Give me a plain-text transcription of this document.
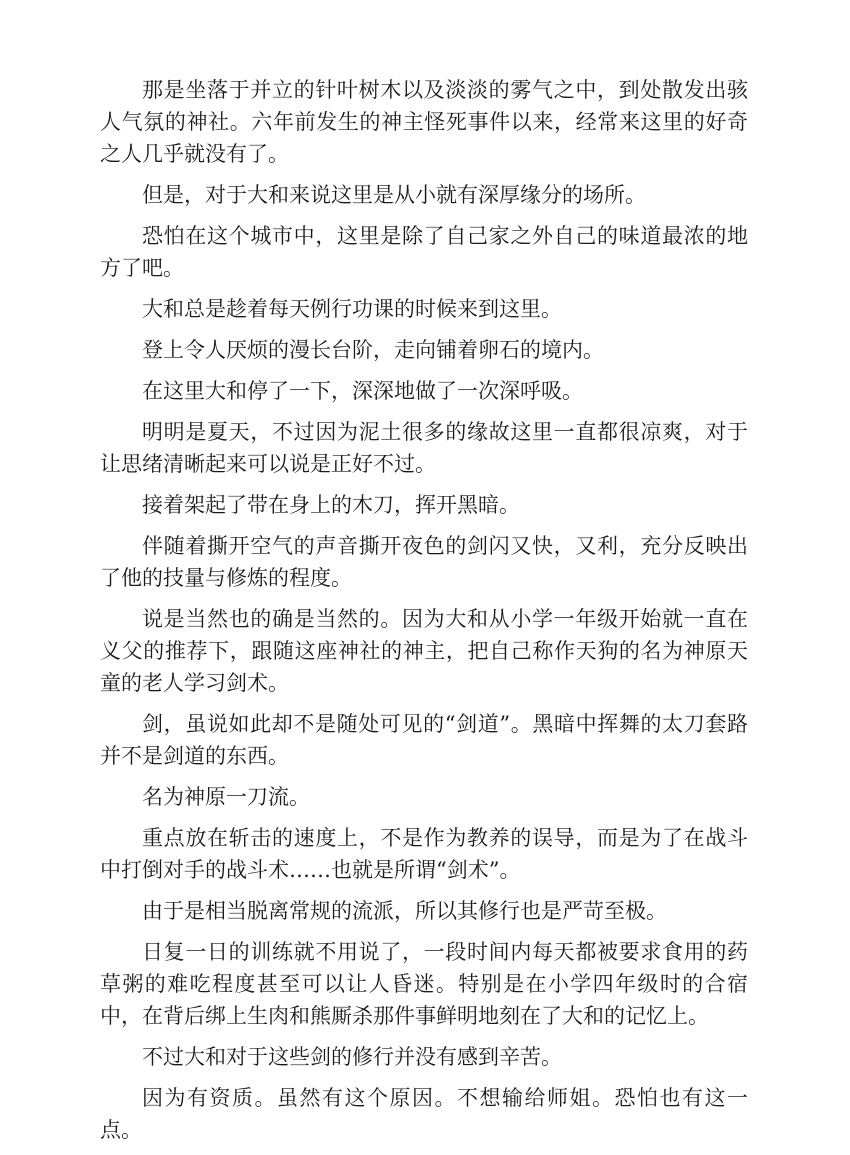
那是坐落于并立的针叶树木以及淡淡的雾气之中，到处散发出骇人气氛的神社。六年前发生的神主怪死事件以来，经常来这里的好奇之人几乎就没有了。

但是，对于大和来说这里是从小就有深厚缘分的场所。

恐怕在这个城市中，这里是除了自己家之外自己的味道最浓的地方了吧。

大和总是趁着每天例行功课的时候来到这里。

登上令人厌烦的漫长台阶，走向铺着卵石的境内。

在这里大和停了一下，深深地做了一次深呼吸。

明明是夏天，不过因为泥土很多的缘故这里一直都很凉爽，对于让思绪清晰起来可以说是正好不过。

接着架起了带在身上的木刀，挥开黑暗。

伴随着撕开空气的声音撕开夜色的剑闪又快，又利，充分反映出了他的技量与修炼的程度。

说是当然也的确是当然的。因为大和从小学一年级开始就一直在义父的推荐下，跟随这座神社的神主，把自己称作天狗的名为神原天童的老人学习剑术。

剑，虽说如此却不是随处可见的“剑道”。黑暗中挥舞的太刀套路并不是剑道的东西。

名为神原一刀流。

重点放在斩击的速度上，不是作为教养的误导，而是为了在战斗中打倒对手的战斗术……也就是所谓“剑术”。

由于是相当脱离常规的流派，所以其修行也是严苛至极。

日复一日的训练就不用说了，一段时间内每天都被要求食用的药草粥的难吃程度甚至可以让人昏迷。特别是在小学四年级时的合宿中，在背后绑上生肉和熊厮杀那件事鲜明地刻在了大和的记忆上。

不过大和对于这些剑的修行并没有感到辛苦。

因为有资质。虽然有这个原因。不想输给师姐。恐怕也有这一点。
